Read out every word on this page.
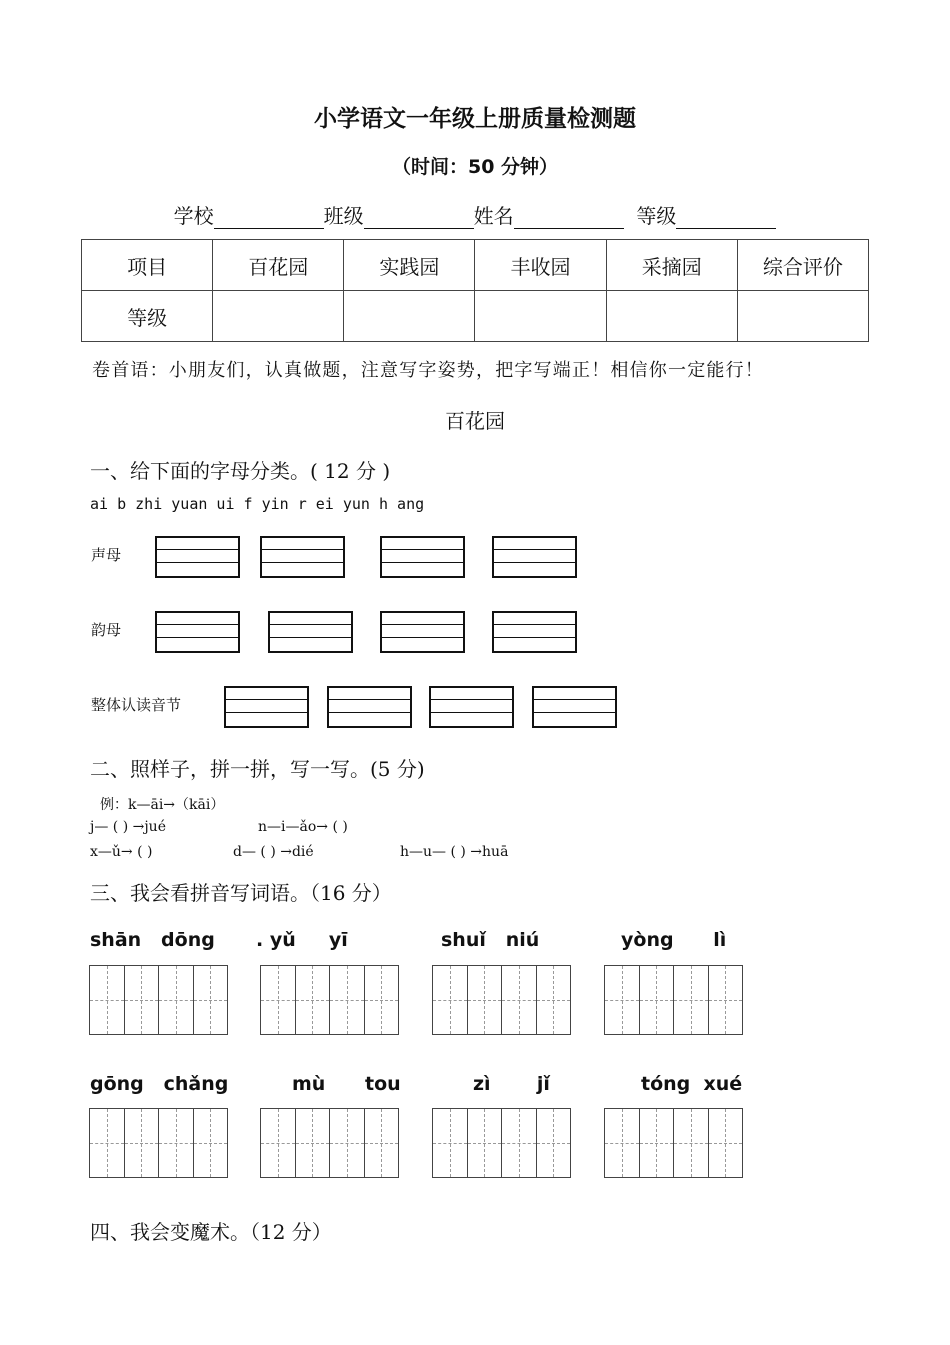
小学语文一年级上册质量检测题
（时间：50 分钟）
学校	班级	姓名	等级
项目	百花园	实践园	丰收园	采摘园	综合评价
等级					
卷首语：小朋友们，认真做题，注意写字姿势，把字写端正！相信你一定能行！
百花园
一、给下面的字母分类。( 12 分 )
ai b zhi yuan ui f yin r ei yun h ang
声母
韵母
整体认读音节
二、照样子，拼一拼，写一写。(5 分)
例：k—āi→（kāi）
j— ( ) →jué	n—i—ǎo→ ( )
x—ǔ→ ( )	d— ( ) →dié	h—u— ( ) →huā
三、我会看拼音写词语。（16 分）
shān dōng . yǔ yī	shuǐ niú	yòng lì
gōng chǎng	mù tou	zì jǐ	tóng xué
四、我会变魔术。（12 分）
